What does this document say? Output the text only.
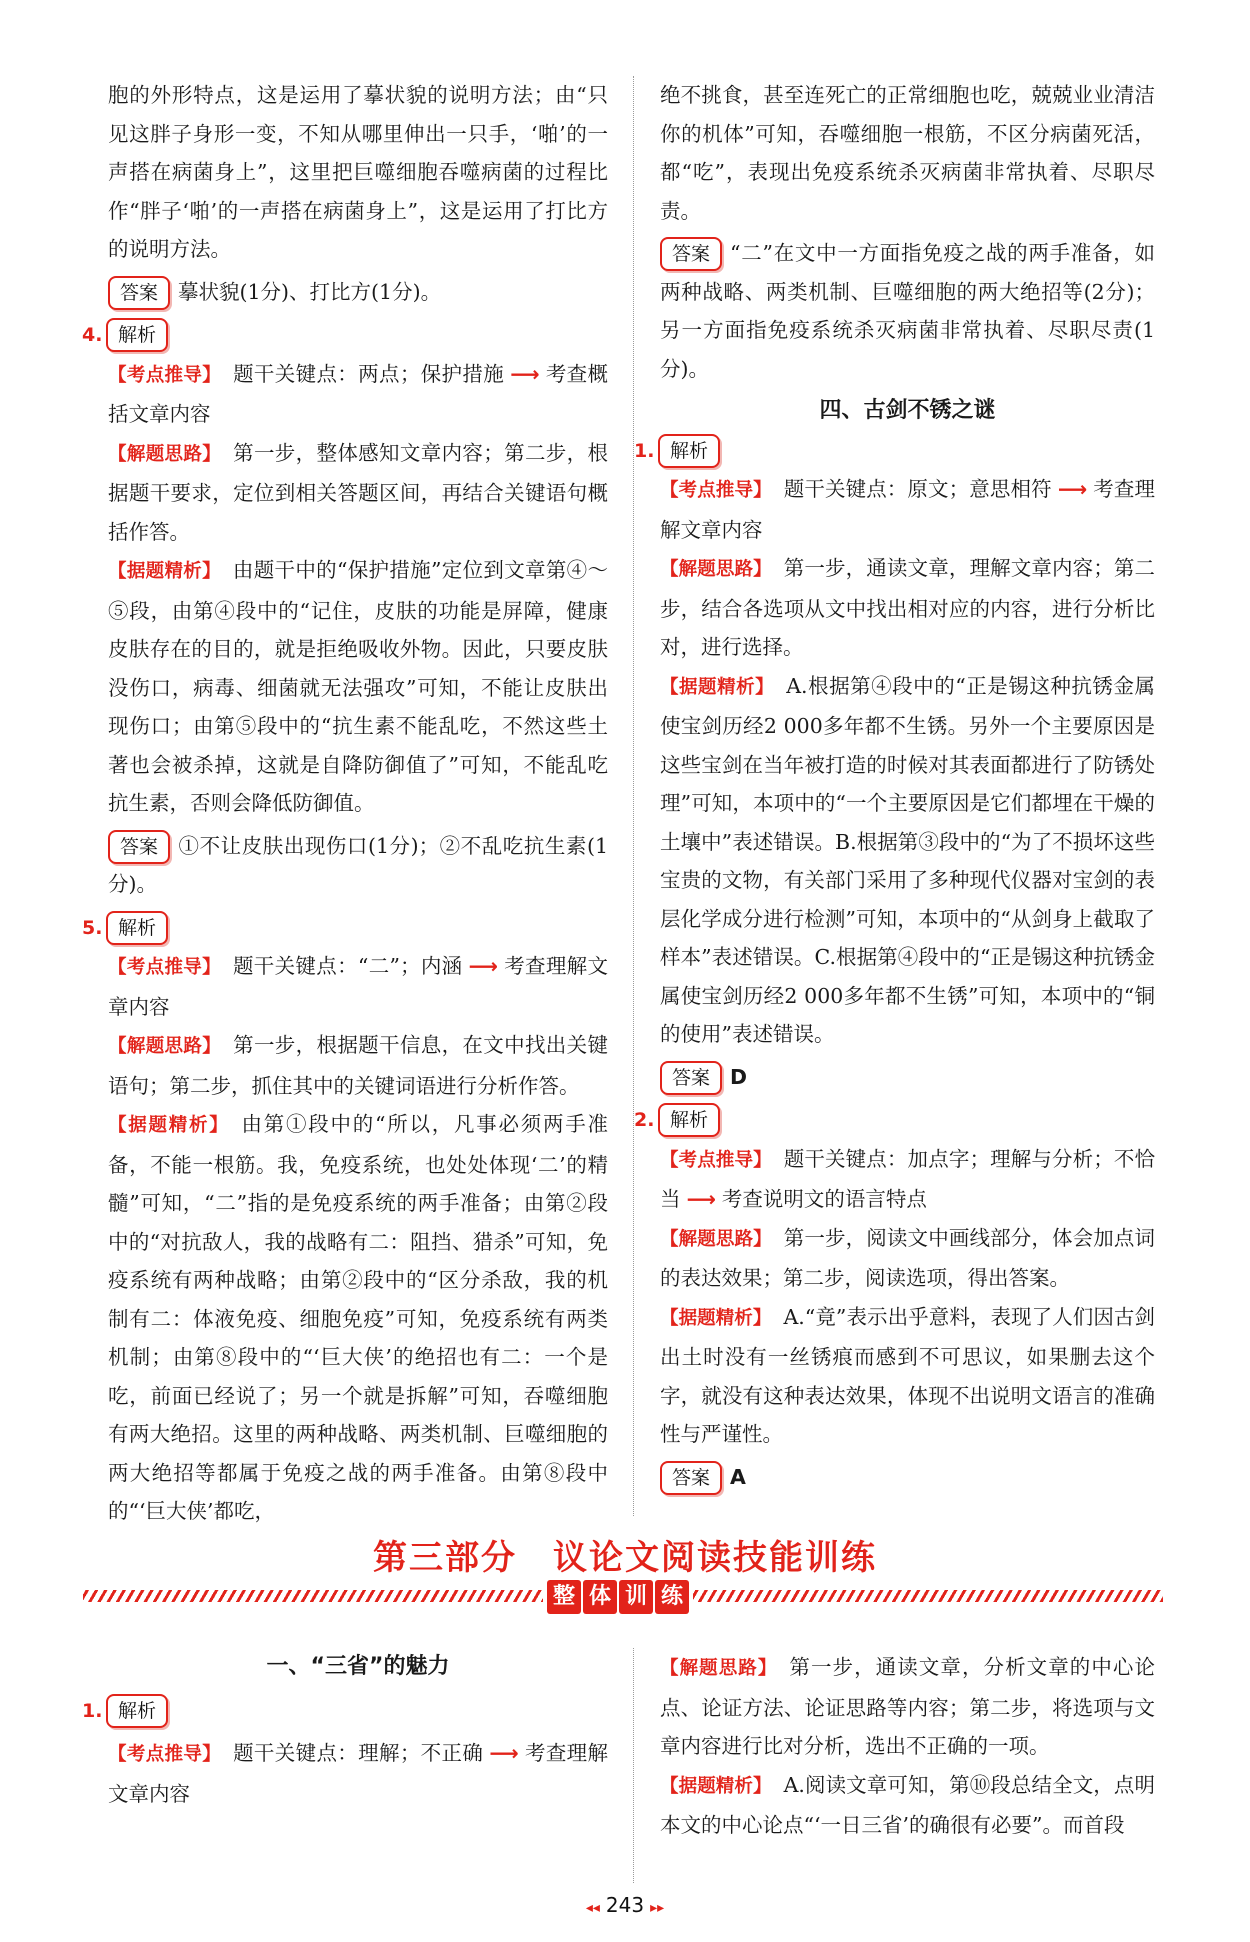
胞的外形特点，这是运用了摹状貌的说明方法；由“只见这胖子身形一变，不知从哪里伸出一只手，‘啪’的一声搭在病菌身上”，这里把巨噬细胞吞噬病菌的过程比作“胖子‘啪’的一声搭在病菌身上”，这是运用了打比方的说明方法。

答案 摹状貌(1分)、打比方(1分)。

4. 解析

【考点推导】 题干关键点：两点；保护措施 ⟶ 考查概括文章内容

【解题思路】 第一步，整体感知文章内容；第二步，根据题干要求，定位到相关答题区间，再结合关键语句概括作答。

【据题精析】 由题干中的“保护措施”定位到文章第④～⑤段，由第④段中的“记住，皮肤的功能是屏障，健康皮肤存在的目的，就是拒绝吸收外物。因此，只要皮肤没伤口，病毒、细菌就无法强攻”可知，不能让皮肤出现伤口；由第⑤段中的“抗生素不能乱吃，不然这些土著也会被杀掉，这就是自降防御值了”可知，不能乱吃抗生素，否则会降低防御值。

答案 ①不让皮肤出现伤口(1分)；②不乱吃抗生素(1分)。

5. 解析

【考点推导】 题干关键点：“二”；内涵 ⟶ 考查理解文章内容

【解题思路】 第一步，根据题干信息，在文中找出关键语句；第二步，抓住其中的关键词语进行分析作答。

【据题精析】 由第①段中的“所以，凡事必须两手准备，不能一根筋。我，免疫系统，也处处体现‘二’的精髓”可知，“二”指的是免疫系统的两手准备；由第②段中的“对抗敌人，我的战略有二：阻挡、猎杀”可知，免疫系统有两种战略；由第②段中的“区分杀敌，我的机制有二：体液免疫、细胞免疫”可知，免疫系统有两类机制；由第⑧段中的“‘巨大侠’的绝招也有二：一个是吃，前面已经说了；另一个就是拆解”可知，吞噬细胞有两大绝招。这里的两种战略、两类机制、巨噬细胞的两大绝招等都属于免疫之战的两手准备。由第⑧段中的“‘巨大侠’都吃，

绝不挑食，甚至连死亡的正常细胞也吃，兢兢业业清洁你的机体”可知，吞噬细胞一根筋，不区分病菌死活，都“吃”，表现出免疫系统杀灭病菌非常执着、尽职尽责。

答案 “二”在文中一方面指免疫之战的两手准备，如两种战略、两类机制、巨噬细胞的两大绝招等(2分)；另一方面指免疫系统杀灭病菌非常执着、尽职尽责(1分)。

四、古剑不锈之谜

1. 解析

【考点推导】 题干关键点：原文；意思相符 ⟶ 考查理解文章内容

【解题思路】 第一步，通读文章，理解文章内容；第二步，结合各选项从文中找出相对应的内容，进行分析比对，进行选择。

【据题精析】 A.根据第④段中的“正是锡这种抗锈金属使宝剑历经2 000多年都不生锈。另外一个主要原因是这些宝剑在当年被打造的时候对其表面都进行了防锈处理”可知，本项中的“一个主要原因是它们都埋在干燥的土壤中”表述错误。B.根据第③段中的“为了不损坏这些宝贵的文物，有关部门采用了多种现代仪器对宝剑的表层化学成分进行检测”可知，本项中的“从剑身上截取了样本”表述错误。C.根据第④段中的“正是锡这种抗锈金属使宝剑历经2 000多年都不生锈”可知，本项中的“铜的使用”表述错误。

答案 D

2. 解析

【考点推导】 题干关键点：加点字；理解与分析；不恰当 ⟶ 考查说明文的语言特点

【解题思路】 第一步，阅读文中画线部分，体会加点词的表达效果；第二步，阅读选项，得出答案。

【据题精析】 A.“竟”表示出乎意料，表现了人们因古剑出土时没有一丝锈痕而感到不可思议，如果删去这个字，就没有这种表达效果，体现不出说明文语言的准确性与严谨性。

答案 A

第三部分　议论文阅读技能训练
整 体 训 练

一、“三省”的魅力

1. 解析

【考点推导】 题干关键点：理解；不正确 ⟶ 考查理解文章内容

【解题思路】 第一步，通读文章，分析文章的中心论点、论证方法、论证思路等内容；第二步，将选项与文章内容进行比对分析，选出不正确的一项。

【据题精析】 A.阅读文章可知，第⑩段总结全文，点明本文的中心论点“‘一日三省’的确很有必要”。而首段

◂◂ 243 ▸▸
